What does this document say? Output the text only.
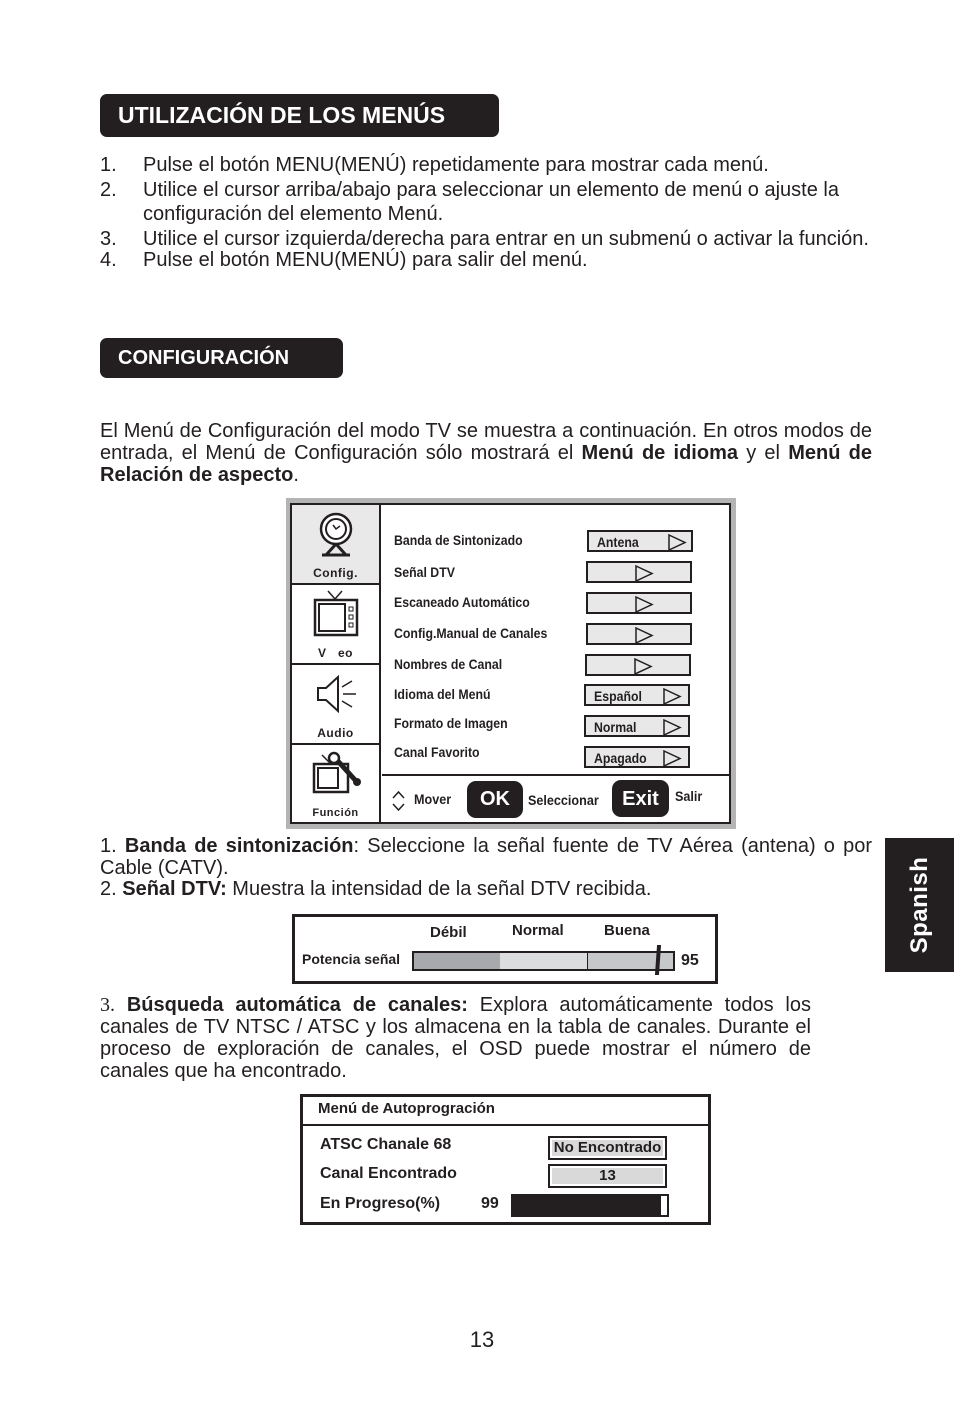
UTILIZACIÓN DE LOS MENÚS
1.	Pulse el botón MENU(MENÚ) repetidamente para mostrar cada menú.
2.	Utilice el cursor arriba/abajo para seleccionar un elemento de menú o ajuste la configuración del elemento Menú.
3.	Utilice el cursor izquierda/derecha para entrar en un submenú o activar la función.
4.	Pulse el botón MENU(MENÚ) para salir del menú.
CONFIGURACIÓN
El Menú de Configuración del modo TV se muestra a continuación. En otros modos de entrada, el Menú de Configuración sólo mostrará el Menú de idioma y el Menú de Relación de aspecto.
Config.
V   eo
Audio
Función
Banda de Sintonizado	Antena
Señal DTV
Escaneado Automático
Config.Manual de Canales
Nombres de Canal
Idioma del Menú	Español
Formato de Imagen	Normal
Canal Favorito	Apagado
Mover	OK	Seleccionar	Exit	Salir
1. Banda de sintonización: Seleccione la señal fuente de TV Aérea (antena) o por Cable (CATV).
2. Señal DTV: Muestra la intensidad de la señal DTV recibida.
Débil	Normal	Buena
Potencia señal	95
3. Búsqueda automática de canales: Explora automáticamente todos los canales de TV NTSC / ATSC y los almacena en la tabla de canales. Durante el proceso de exploración de canales, el OSD puede mostrar el número de canales que ha encontrado.
Menú de Autoprogración
ATSC Chanale 68	No Encontrado
Canal Encontrado	13
En Progreso(%)	99
Spanish
13
